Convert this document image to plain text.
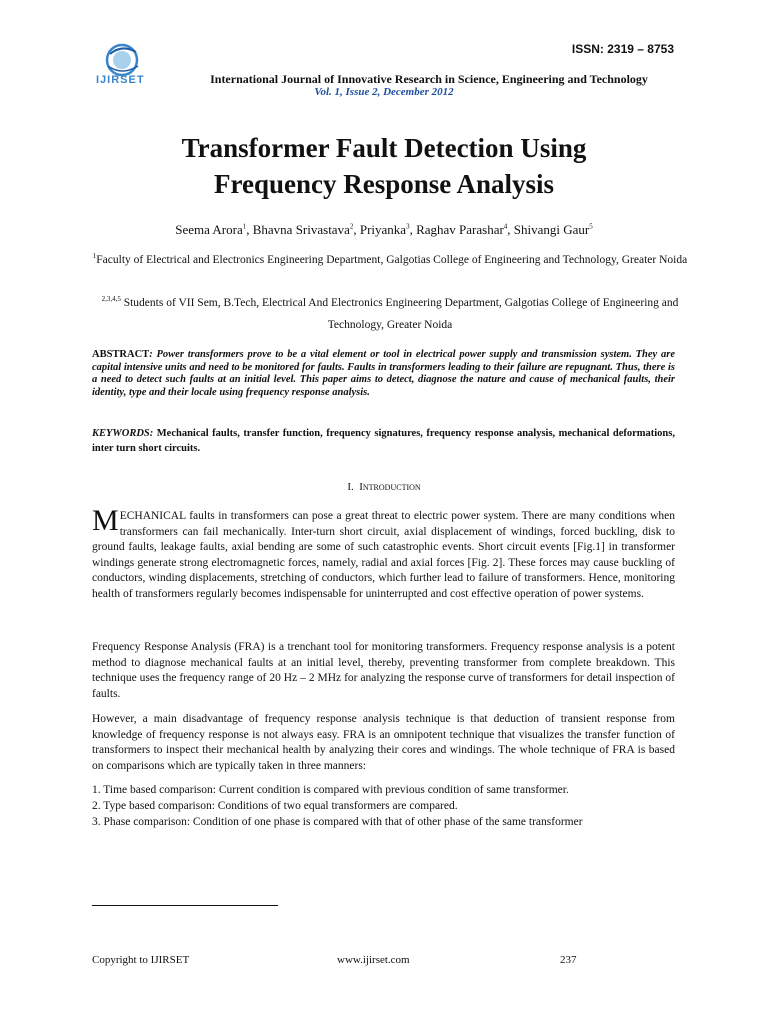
ISSN: 2319 – 8753
IJIRSET	International Journal of Innovative Research in Science, Engineering and Technology
Vol. 1, Issue 2, December 2012
Transformer Fault Detection Using
Frequency Response Analysis
Seema Arora$^1$, Bhavna Srivastava$^2$, Priyanka$^3$, Raghav Parashar$^4$, Shivangi Gaur$^5$
$^1$Faculty of Electrical and Electronics Engineering Department, Galgotias College of Engineering and Technology, Greater Noida
$^{2,3,4,5}$ Students of VII Sem, B.Tech, Electrical And Electronics Engineering Department, Galgotias College of Engineering and Technology, Greater Noida
ABSTRACT: Power transformers prove to be a vital element or tool in electrical power supply and transmission system. They are capital intensive units and need to be monitored for faults. Faults in transformers leading to their failure are repugnant. Thus, there is a need to detect such faults at an initial level. This paper aims to detect, diagnose the nature and cause of mechanical faults, their identity, type and their locale using frequency response analysis.
KEYWORDS: Mechanical faults, transfer function, frequency signatures, frequency response analysis, mechanical deformations, inter turn short circuits.
I. Introduction
MECHANICAL faults in transformers can pose a great threat to electric power system. There are many conditions when transformers can fail mechanically. Inter-turn short circuit, axial displacement of windings, forced buckling, disk to ground faults, leakage faults, axial bending are some of such catastrophic events. Short circuit events [Fig.1] in transformer windings generate strong electromagnetic forces, namely, radial and axial forces [Fig. 2]. These forces may cause buckling of conductors, winding displacements, stretching of conductors, which further lead to failure of transformers. Hence, monitoring health of transformers regularly becomes indispensable for uninterrupted and cost effective operation of power systems.
Frequency Response Analysis (FRA) is a trenchant tool for monitoring transformers. Frequency response analysis is a potent method to diagnose mechanical faults at an initial level, thereby, preventing transformer from complete breakdown. This technique uses the frequency range of 20 Hz – 2 MHz for analyzing the response curve of transformers for detail inspection of faults.
However, a main disadvantage of frequency response analysis technique is that deduction of transient response from knowledge of frequency response is not always easy. FRA is an omnipotent technique that visualizes the transfer function of transformers to inspect their mechanical health by analyzing their cores and windings. The whole technique of FRA is based on comparisons which are typically taken in three manners:
1. Time based comparison: Current condition is compared with previous condition of same transformer.
2. Type based comparison: Conditions of two equal transformers are compared.
3. Phase comparison: Condition of one phase is compared with that of other phase of the same transformer
Copyright to IJIRSET	www.ijirset.com	237
